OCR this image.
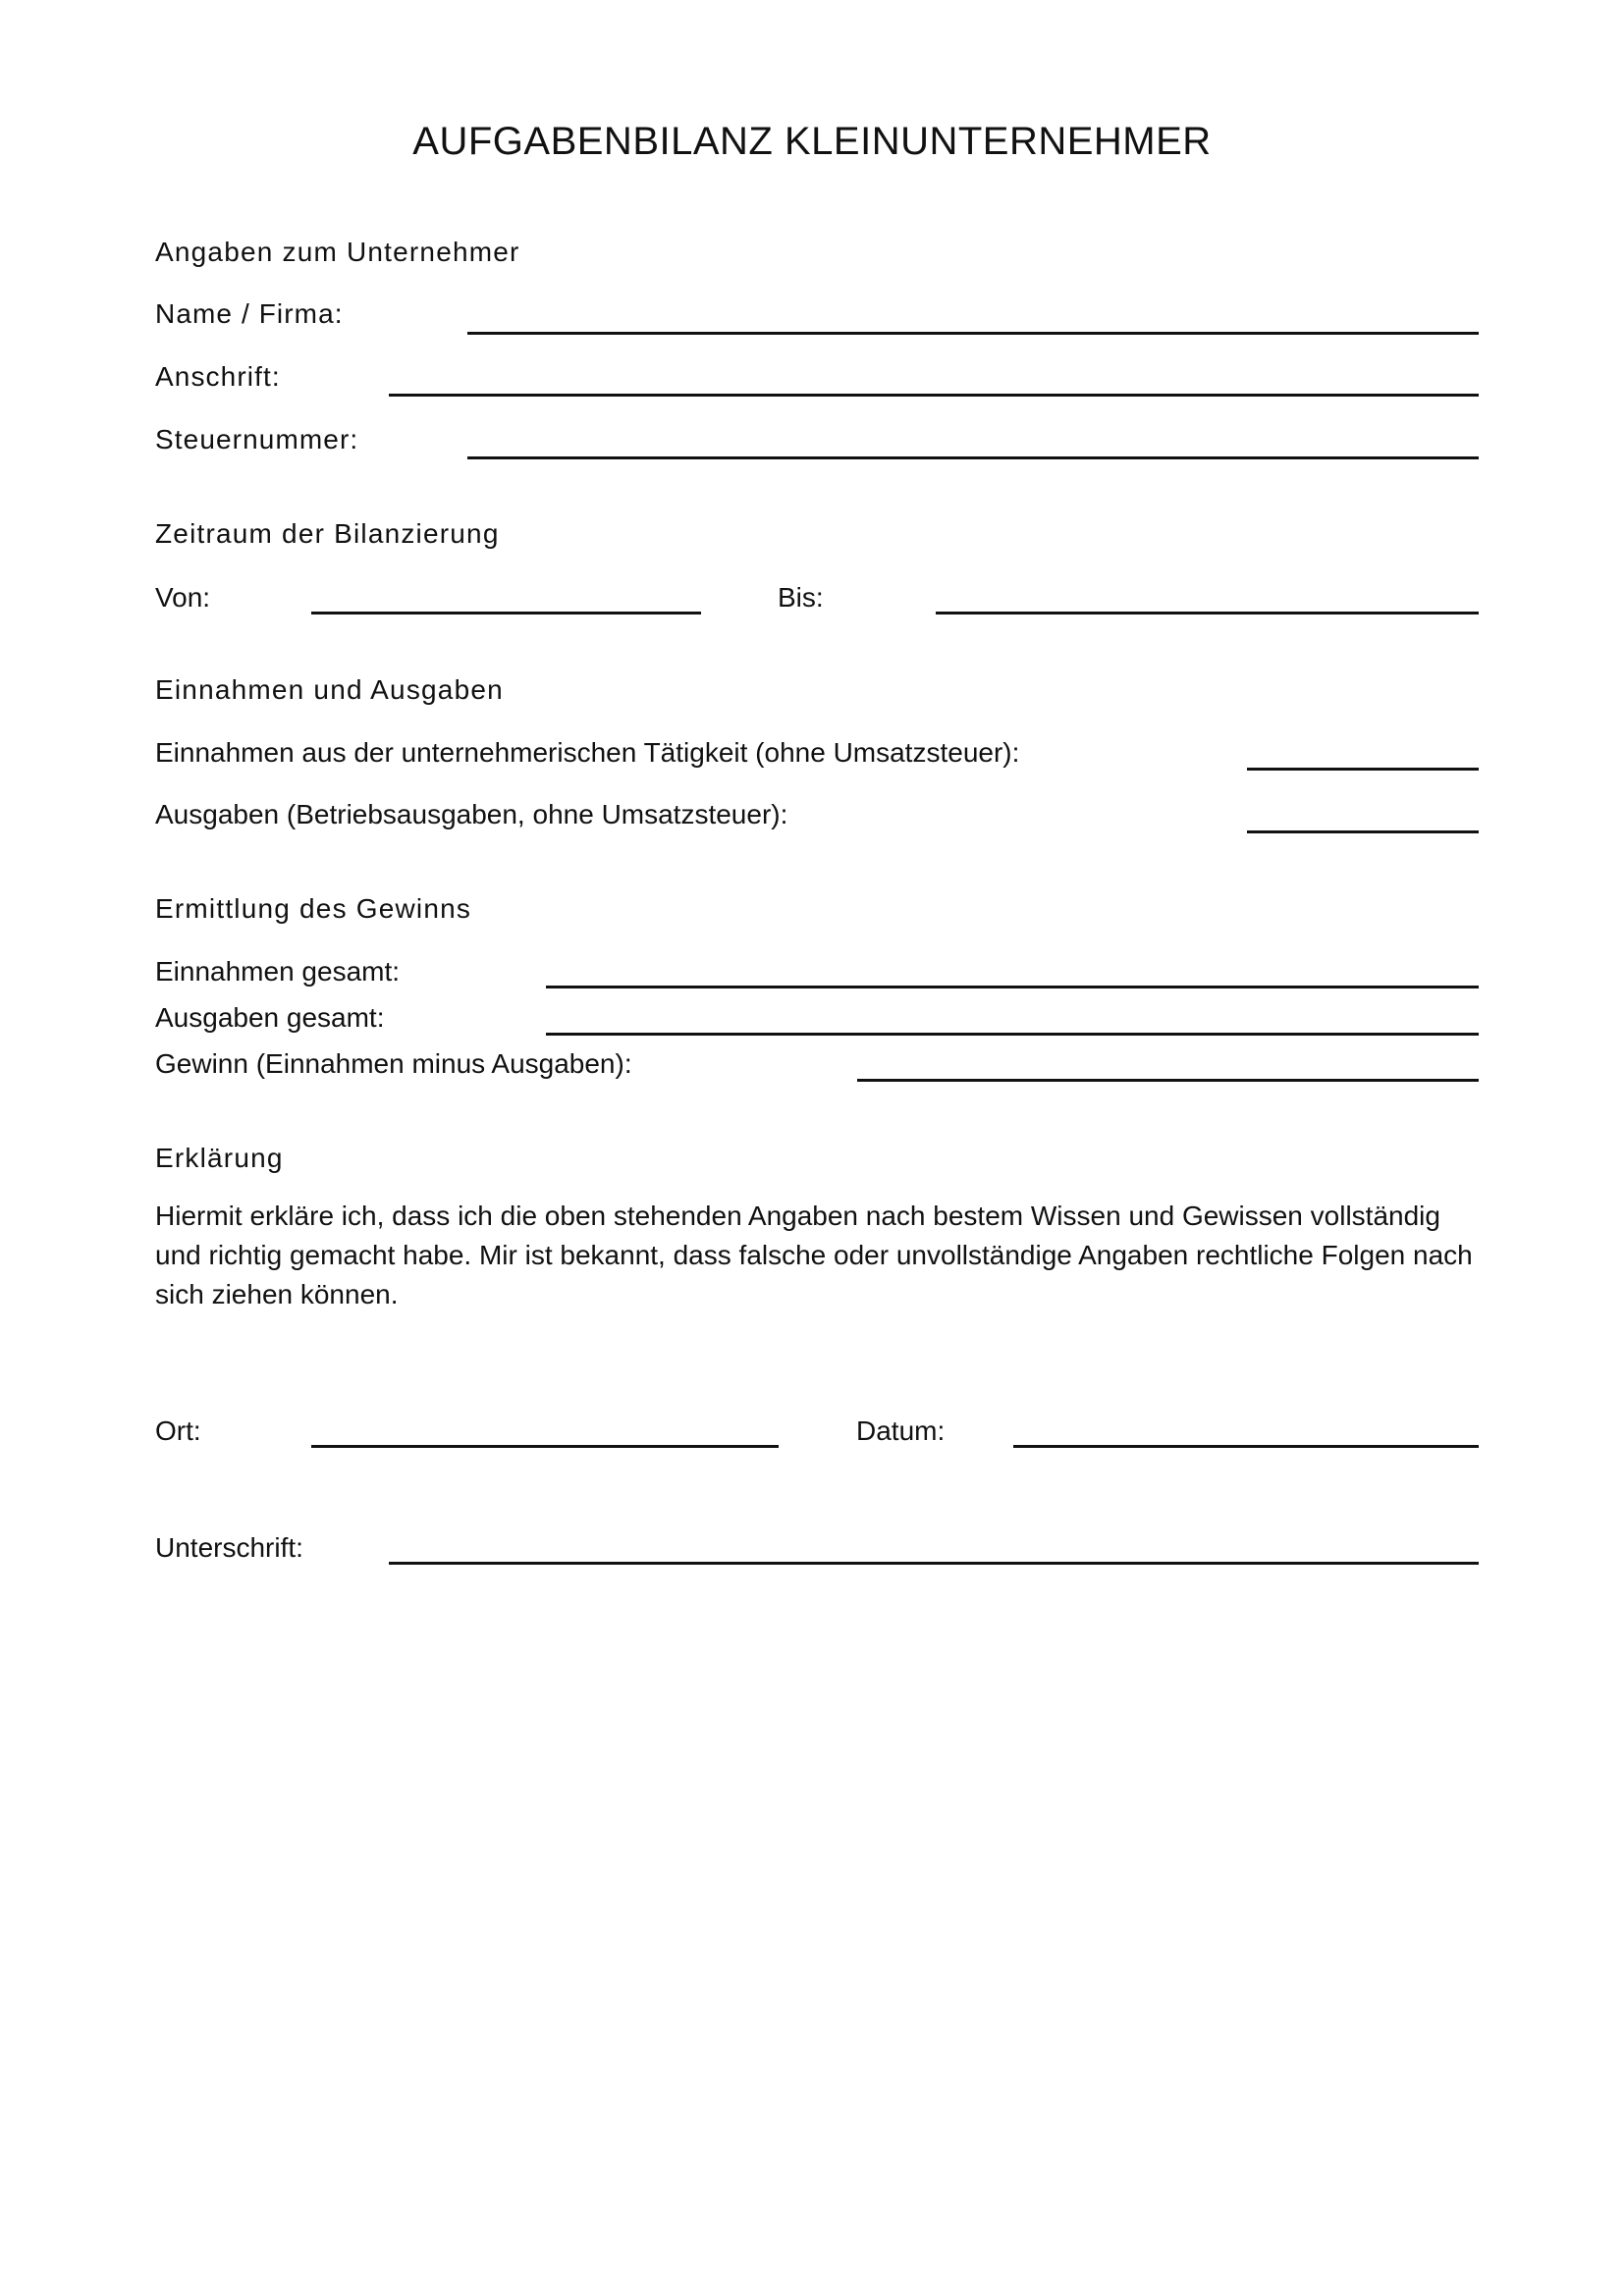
AUFGABENBILANZ KLEINUNTERNEHMER
Angaben zum Unternehmer
Name / Firma:
Anschrift:
Steuernummer:
Zeitraum der Bilanzierung
Von:	Bis:
Einnahmen und Ausgaben
Einnahmen aus der unternehmerischen Tätigkeit (ohne Umsatzsteuer):
Ausgaben (Betriebsausgaben, ohne Umsatzsteuer):
Ermittlung des Gewinns
Einnahmen gesamt:
Ausgaben gesamt:
Gewinn (Einnahmen minus Ausgaben):
Erklärung
Hiermit erkläre ich, dass ich die oben stehenden Angaben nach bestem Wissen und Gewissen vollständig und richtig gemacht habe. Mir ist bekannt, dass falsche oder unvollständige Angaben rechtliche Folgen nach sich ziehen können.
Ort:	Datum:
Unterschrift:
